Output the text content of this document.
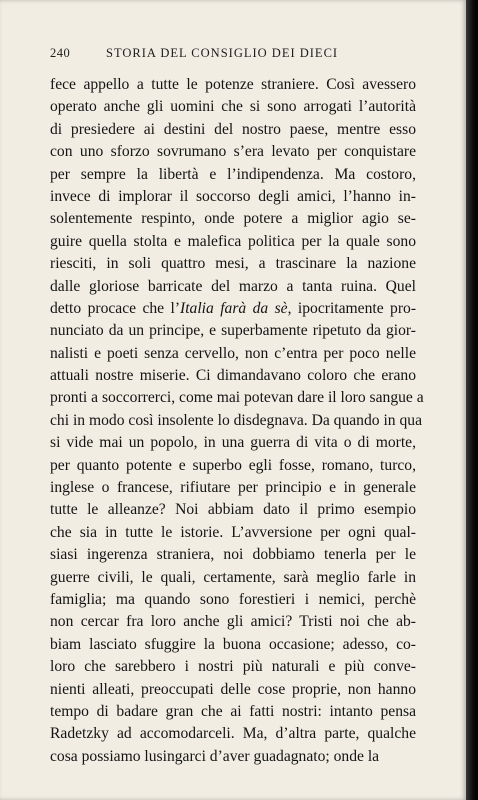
240	STORIA DEL CONSIGLIO DEI DIECI
fece appello a tutte le potenze straniere. Così avessero
operato anche gli uomini che si sono arrogati l’autorità
di presiedere ai destini del nostro paese, mentre esso
con uno sforzo sovrumano s’era levato per conquistare
per sempre la libertà e l’indipendenza. Ma costoro,
invece di implorar il soccorso degli amici, l’hanno in-
solentemente respinto, onde potere a miglior agio se-
guire quella stolta e malefica politica per la quale sono
riesciti, in soli quattro mesi, a trascinare la nazione
dalle gloriose barricate del marzo a tanta ruina. Quel
detto procace che l’Italia farà da sè, ipocritamente pro-
nunciato da un principe, e superbamente ripetuto da gior-
nalisti e poeti senza cervello, non c’entra per poco nelle
attuali nostre miserie. Ci dimandavano coloro che erano
pronti a soccorrerci, come mai potevan dare il loro sangue a
chi in modo così insolente lo disdegnava. Da quando in qua
si vide mai un popolo, in una guerra di vita o di morte,
per quanto potente e superbo egli fosse, romano, turco,
inglese o francese, rifiutare per principio e in generale
tutte le alleanze? Noi abbiam dato il primo esempio
che sia in tutte le istorie. L’avversione per ogni qual-
siasi ingerenza straniera, noi dobbiamo tenerla per le
guerre civili, le quali, certamente, sarà meglio farle in
famiglia; ma quando sono forestieri i nemici, perchè
non cercar fra loro anche gli amici? Tristi noi che ab-
biam lasciato sfuggire la buona occasione; adesso, co-
loro che sarebbero i nostri più naturali e più conve-
nienti alleati, preoccupati delle cose proprie, non hanno
tempo di badare gran che ai fatti nostri: intanto pensa
Radetzky ad accomodarceli. Ma, d’altra parte, qualche
cosa possiamo lusingarci d’aver guadagnato; onde la
